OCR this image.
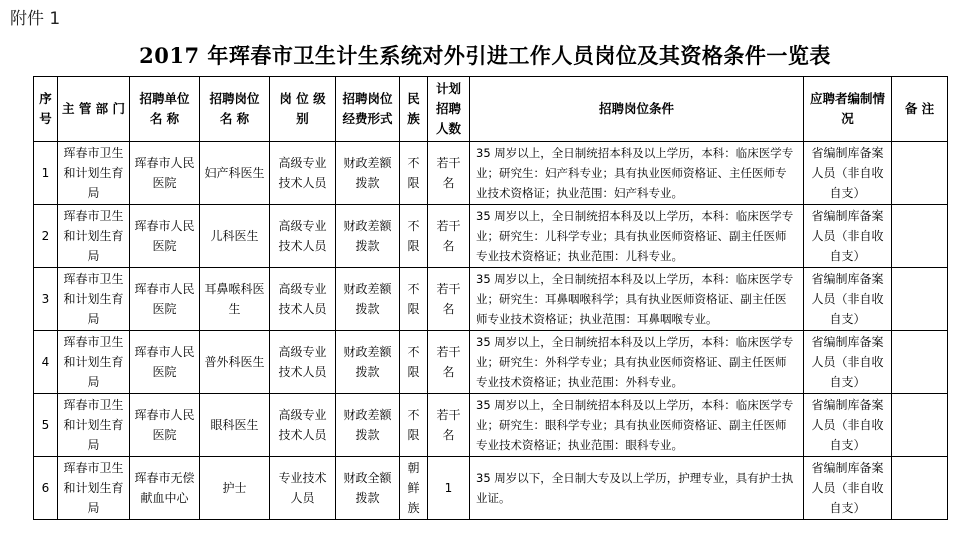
附件 1
2017 年珲春市卫生计生系统对外引进工作人员岗位及其资格条件一览表
序号	主 管 部 门	招聘单位 名 称	招聘岗位 名 称	岗 位 级 别	招聘岗位经费形式	民族	计划招聘人数	招聘岗位条件	应聘者编制情况	备 注

1	珲春市卫生和计划生育局	珲春市人民医院	妇产科医生	高级专业技术人员	财政差额拨款	不限	若干名	35 周岁以上，全日制统招本科及以上学历，本科：临床医学专业；研究生：妇产科专业；具有执业医师资格证、主任医师专业技术资格证；执业范围：妇产科专业。	省编制库备案人员（非自收自支）	

2	珲春市卫生和计划生育局	珲春市人民医院	儿科医生	高级专业技术人员	财政差额拨款	不限	若干名	35 周岁以上，全日制统招本科及以上学历，本科：临床医学专业；研究生：儿科学专业；具有执业医师资格证、副主任医师专业技术资格证；执业范围：儿科专业。	省编制库备案人员（非自收自支）	

3	珲春市卫生和计划生育局	珲春市人民医院	耳鼻喉科医生	高级专业技术人员	财政差额拨款	不限	若干名	35 周岁以上，全日制统招本科及以上学历，本科：临床医学专业；研究生：耳鼻咽喉科学；具有执业医师资格证、副主任医师专业技术资格证；执业范围：耳鼻咽喉专业。	省编制库备案人员（非自收自支）	

4	珲春市卫生和计划生育局	珲春市人民医院	普外科医生	高级专业技术人员	财政差额拨款	不限	若干名	35 周岁以上，全日制统招本科及以上学历，本科：临床医学专业；研究生：外科学专业；具有执业医师资格证、副主任医师专业技术资格证；执业范围：外科专业。	省编制库备案人员（非自收自支）	

5	珲春市卫生和计划生育局	珲春市人民医院	眼科医生	高级专业技术人员	财政差额拨款	不限	若干名	35 周岁以上，全日制统招本科及以上学历，本科：临床医学专业；研究生：眼科学专业；具有执业医师资格证、副主任医师专业技术资格证；执业范围：眼科专业。	省编制库备案人员（非自收自支）	

6	珲春市卫生和计划生育局	珲春市无偿献血中心	护士	专业技术人员	财政全额拨款	朝鲜族	1	35 周岁以下，全日制大专及以上学历，护理专业，具有护士执业证。	省编制库备案人员（非自收自支）	
